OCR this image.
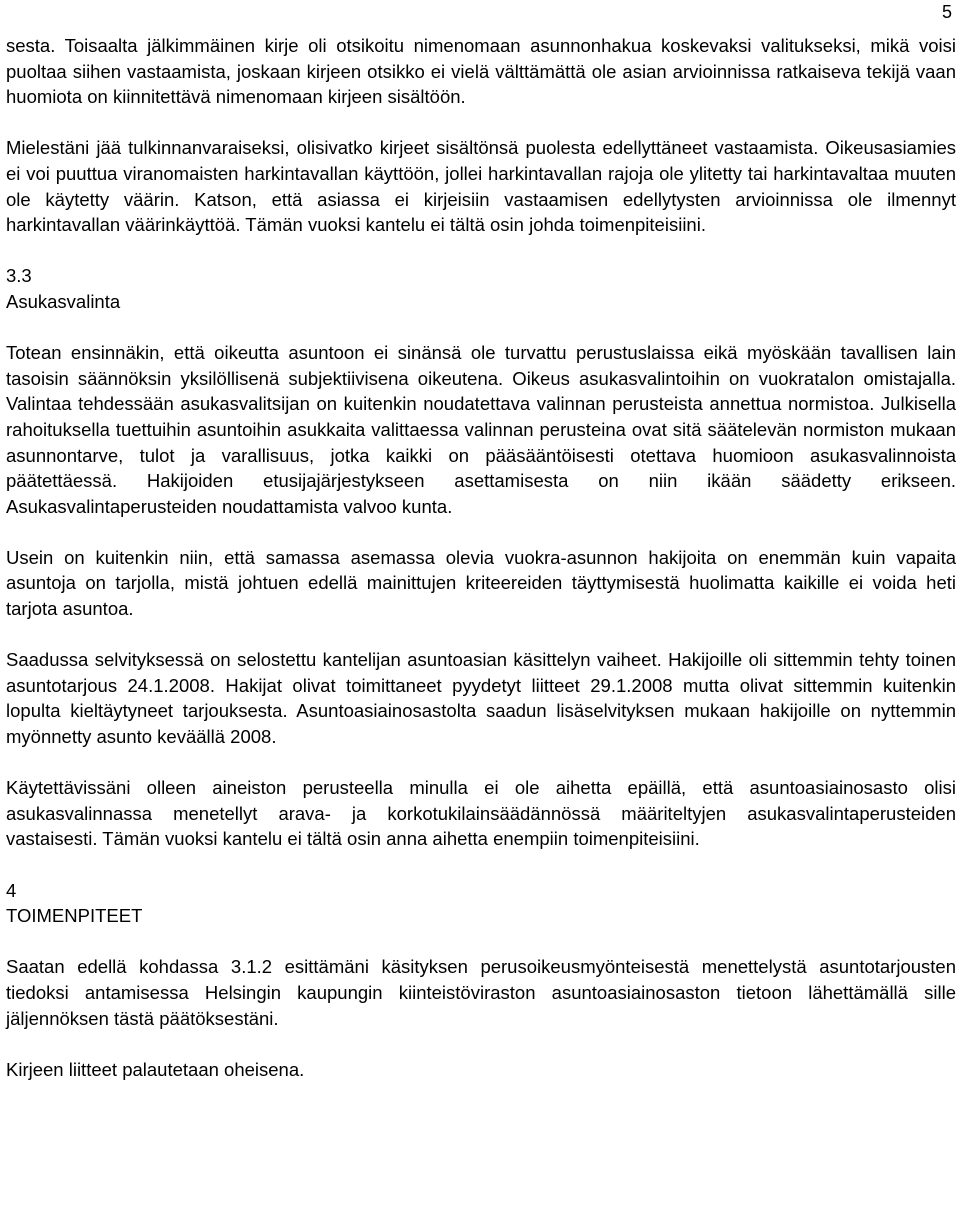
5

sesta. Toisaalta jälkimmäinen kirje oli otsikoitu nimenomaan asunnonhakua koskevaksi valitukseksi, mikä voisi puoltaa siihen vastaamista, joskaan kirjeen otsikko ei vielä välttämättä ole asian arvioinnissa ratkaiseva tekijä vaan huomiota on kiinnitettävä nimenomaan kirjeen sisältöön.

Mielestäni jää tulkinnanvaraiseksi, olisivatko kirjeet sisältönsä puolesta edellyttäneet vastaamista. Oikeusasiamies ei voi puuttua viranomaisten harkintavallan käyttöön, jollei harkintavallan rajoja ole ylitetty tai harkintavaltaa muuten ole käytetty väärin. Katson, että asiassa ei kirjeisiin vastaamisen edellytysten arvioinnissa ole ilmennyt harkintavallan väärinkäyttöä. Tämän vuoksi kantelu ei tältä osin johda toimenpiteisiini.

3.3

Asukasvalinta

Totean ensinnäkin, että oikeutta asuntoon ei sinänsä ole turvattu perustuslaissa eikä myöskään tavallisen lain tasoisin säännöksin yksilöllisenä subjektiivisena oikeutena. Oikeus asukasvalintoihin on vuokratalon omistajalla. Valintaa tehdessään asukasvalitsijan on kuitenkin noudatettava valinnan perusteista annettua normistoa. Julkisella rahoituksella tuettuihin asuntoihin asukkaita valittaessa valinnan perusteina ovat sitä säätelevän normiston mukaan asunnontarve, tulot ja varallisuus, jotka kaikki on pääsääntöisesti otettava huomioon asukasvalinnoista päätettäessä. Hakijoiden etusijajärjestykseen asettamisesta on niin ikään säädetty erikseen. Asukasvalintaperusteiden noudattamista valvoo kunta.

Usein on kuitenkin niin, että samassa asemassa olevia vuokra-asunnon hakijoita on enemmän kuin vapaita asuntoja on tarjolla, mistä johtuen edellä mainittujen kriteereiden täyttymisestä huolimatta kaikille ei voida heti tarjota asuntoa.

Saadussa selvityksessä on selostettu kantelijan asuntoasian käsittelyn vaiheet. Hakijoille oli sittemmin tehty toinen asuntotarjous 24.1.2008. Hakijat olivat toimittaneet pyydetyt liitteet 29.1.2008 mutta olivat sittemmin kuitenkin lopulta kieltäytyneet tarjouksesta. Asuntoasiainosastolta saadun lisäselvityksen mukaan hakijoille on nyttemmin myönnetty asunto keväällä 2008.

Käytettävissäni olleen aineiston perusteella minulla ei ole aihetta epäillä, että asuntoasiainosasto olisi asukasvalinnassa menetellyt arava- ja korkotukilainsäädännössä määriteltyjen asukasvalintaperusteiden vastaisesti. Tämän vuoksi kantelu ei tältä osin anna aihetta enempiin toimenpiteisiini.

4

TOIMENPITEET

Saatan edellä kohdassa 3.1.2 esittämäni käsityksen perusoikeusmyönteisestä menettelystä asuntotarjousten tiedoksi antamisessa Helsingin kaupungin kiinteistöviraston asuntoasiainosaston tietoon lähettämällä sille jäljennöksen tästä päätöksestäni.

Kirjeen liitteet palautetaan oheisena.
